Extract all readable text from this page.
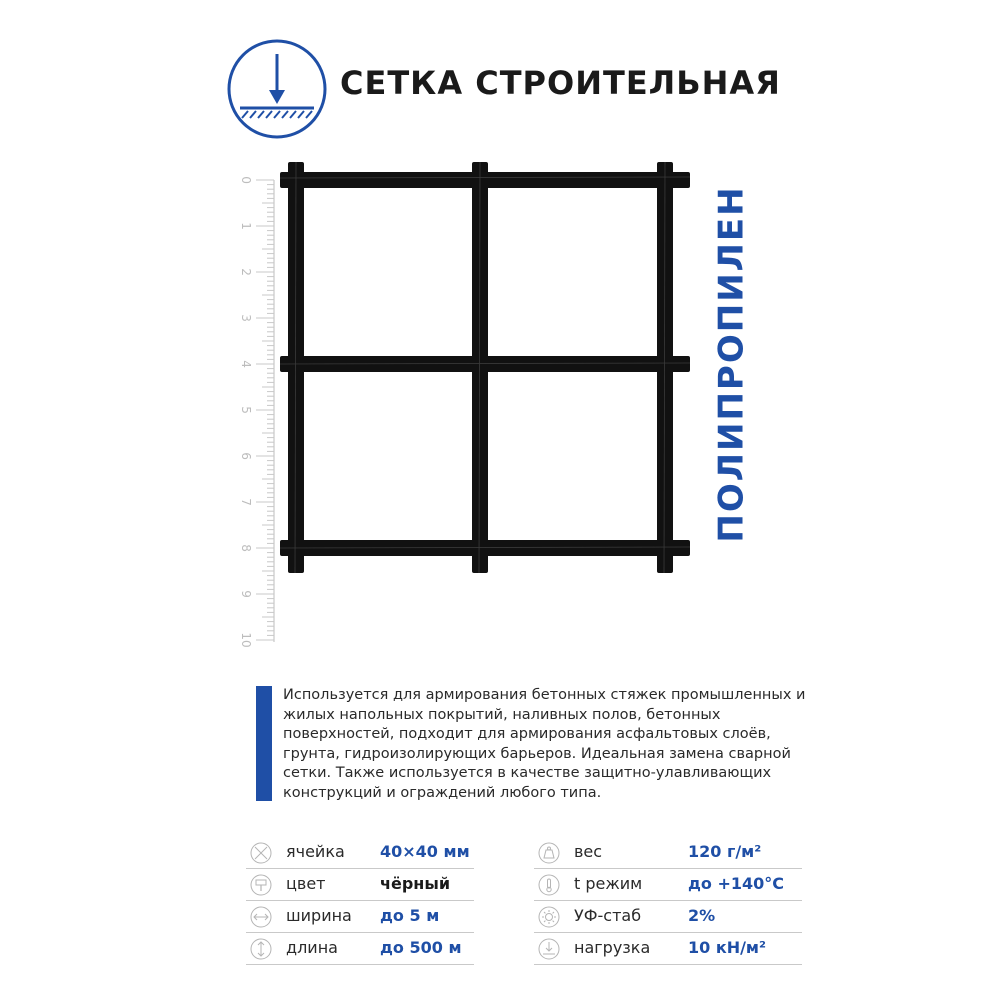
СЕТКА СТРОИТЕЛЬНАЯ
0
1
2
3
4
5
6
7
8
9
10
ПОЛИПРОПИЛЕН
Используется для армирования бетонных стяжек промышленных и жилых напольных покрытий, наливных полов, бетонных поверхностей, подходит для армирования асфальтовых слоёв, грунта, гидроизолирующих барьеров. Идеальная замена сварной сетки. Также используется в качестве защитно-улавливающих конструкций и ограждений любого типа.
ячейка 40×40 мм
цвет	чёрный
ширина до 5 м
длина	до 500 м
вес	120 г/м²
t режим	до +140°C
УФ-стаб	2%
нагрузка 10 кН/м²
